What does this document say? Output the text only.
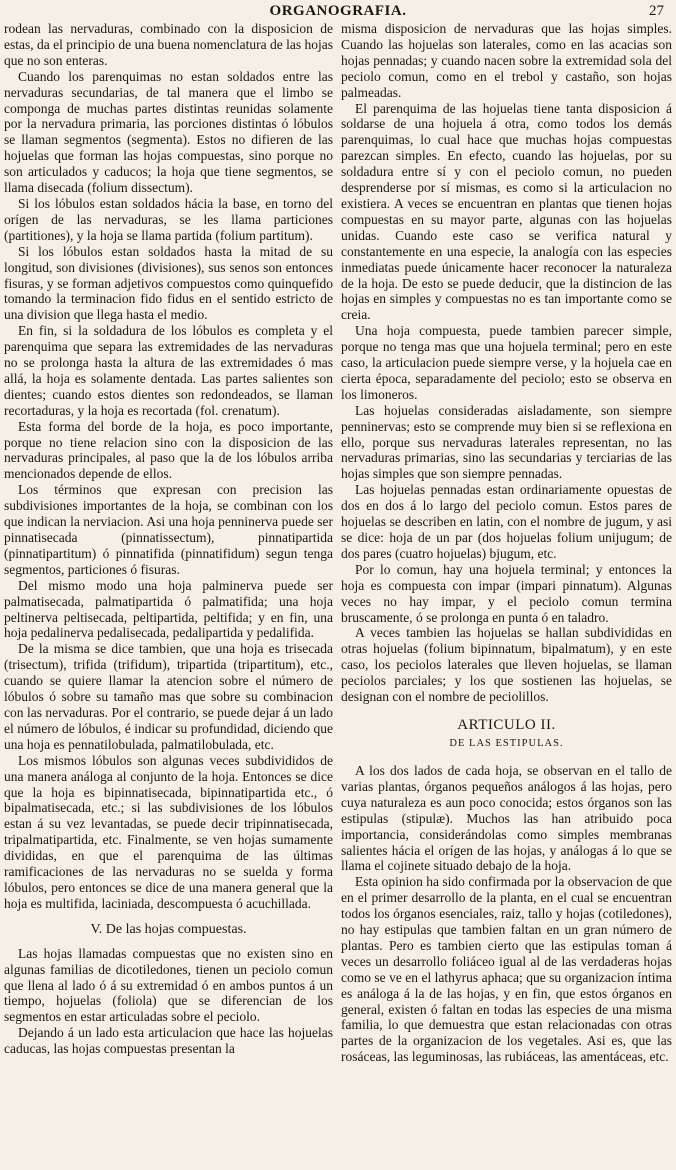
ORGANOGRAFIA.	27

rodean las nervaduras, combinado con la disposicion de estas, da el principio de una buena nomenclatura de las hojas que no son enteras.

Cuando los parenquimas no estan soldados entre las nervaduras secundarias, de tal manera que el limbo se componga de muchas partes distintas reunidas solamente por la nervadura primaria, las porciones distintas ó lóbulos se llaman segmentos (segmenta). Estos no difieren de las hojuelas que forman las hojas compuestas, sino porque no son articulados y caducos; la hoja que tiene segmentos, se llama disecada (folium dissectum).

Si los lóbulos estan soldados hácia la base, en torno del orígen de las nervaduras, se les llama particiones (partitiones), y la hoja se llama partida (folium partitum).

Si los lóbulos estan soldados hasta la mitad de su longitud, son divisiones (divisiones), sus senos son entonces fisuras, y se forman adjetivos compuestos como quinquefido tomando la terminacion fido fidus en el sentido estricto de una division que llega hasta el medio.

En fin, si la soldadura de los lóbulos es completa y el parenquima que separa las extremidades de las nervaduras no se prolonga hasta la altura de las extremidades ó mas allá, la hoja es solamente dentada. Las partes salientes son dientes; cuando estos dientes son redondeados, se llaman recortaduras, y la hoja es recortada (fol. crenatum).

Esta forma del borde de la hoja, es poco importante, porque no tiene relacion sino con la disposicion de las nervaduras principales, al paso que la de los lóbulos arriba mencionados depende de ellos.

Los términos que expresan con precision las subdivisiones importantes de la hoja, se combinan con los que indican la nerviacion. Asi una hoja penninerva puede ser pinnatisecada (pinnatissectum), pinnatipartida (pinnatipartitum) ó pinnatifida (pinnatifidum) segun tenga segmentos, particiones ó fisuras.

Del mismo modo una hoja palminerva puede ser palmatisecada, palmatipartida ó palmatifida; una hoja peltinerva peltisecada, peltipartida, peltifida; y en fin, una hoja pedalinerva pedalisecada, pedalipartida y pedalifida.

De la misma se dice tambien, que una hoja es trisecada (trisectum), trifida (trifidum), tripartida (tripartitum), etc., cuando se quiere llamar la atencion sobre el número de lóbulos ó sobre su tamaño mas que sobre su combinacion con las nervaduras. Por el contrario, se puede dejar á un lado el número de lóbulos, é indicar su profundidad, diciendo que una hoja es pennatilobulada, palmatilobulada, etc.

Los mismos lóbulos son algunas veces subdivididos de una manera análoga al conjunto de la hoja. Entonces se dice que la hoja es bipinnatisecada, bipinnatipartida etc., ó bipalmatisecada, etc.; si las subdivisiones de los lóbulos estan á su vez levantadas, se puede decir tripinnatisecada, tripalmatipartida, etc. Finalmente, se ven hojas sumamente divididas, en que el parenquima de las últimas ramificaciones de las nervaduras no se suelda y forma lóbulos, pero entonces se dice de una manera general que la hoja es multifida, laciniada, descompuesta ó acuchillada.

V. De las hojas compuestas.

Las hojas llamadas compuestas que no existen sino en algunas familias de dicotiledones, tienen un peciolo comun que llena al lado ó á su extremidad ó en ambos puntos á un tiempo, hojuelas (foliola) que se diferencian de los segmentos en estar articuladas sobre el peciolo.

Dejando á un lado esta articulacion que hace las hojuelas caducas, las hojas compuestas presentan la

misma disposicion de nervaduras que las hojas simples. Cuando las hojuelas son laterales, como en las acacias son hojas pennadas; y cuando nacen sobre la extremidad sola del peciolo comun, como en el trebol y castaño, son hojas palmeadas.

El parenquima de las hojuelas tiene tanta disposicion á soldarse de una hojuela á otra, como todos los demás parenquimas, lo cual hace que muchas hojas compuestas parezcan simples. En efecto, cuando las hojuelas, por su soldadura entre sí y con el peciolo comun, no pueden desprenderse por sí mismas, es como si la articulacion no existiera. A veces se encuentran en plantas que tienen hojas compuestas en su mayor parte, algunas con las hojuelas unidas. Cuando este caso se verifica natural y constantemente en una especie, la analogía con las especies inmediatas puede únicamente hacer reconocer la naturaleza de la hoja. De esto se puede deducir, que la distincion de las hojas en simples y compuestas no es tan importante como se creia.

Una hoja compuesta, puede tambien parecer simple, porque no tenga mas que una hojuela terminal; pero en este caso, la articulacion puede siempre verse, y la hojuela cae en cierta época, separadamente del peciolo; esto se observa en los limoneros.

Las hojuelas consideradas aisladamente, son siempre penninervas; esto se comprende muy bien si se reflexiona en ello, porque sus nervaduras laterales representan, no las nervaduras primarias, sino las secundarias y terciarias de las hojas simples que son siempre pennadas.

Las hojuelas pennadas estan ordinariamente opuestas de dos en dos á lo largo del peciolo comun. Estos pares de hojuelas se describen en latin, con el nombre de jugum, y asi se dice: hoja de un par (dos hojuelas folium unijugum; de dos pares (cuatro hojuelas) bjugum, etc.

Por lo comun, hay una hojuela terminal; y entonces la hoja es compuesta con impar (impari pinnatum). Algunas veces no hay impar, y el peciolo comun termina bruscamente, ó se prolonga en punta ó en taladro.

A veces tambien las hojuelas se hallan subdivididas en otras hojuelas (folium bipinnatum, bipalmatum), y en este caso, los peciolos laterales que lleven hojuelas, se llaman peciolos parciales; y los que sostienen las hojuelas, se designan con el nombre de peciolillos.

ARTICULO II.
DE LAS ESTIPULAS.

A los dos lados de cada hoja, se observan en el tallo de varias plantas, órganos pequeños análogos á las hojas, pero cuya naturaleza es aun poco conocida; estos órganos son las estipulas (stipulæ). Muchos las han atribuido poca importancia, considerándolas como simples membranas salientes hácia el orígen de las hojas, y análogas á lo que se llama el cojinete situado debajo de la hoja.

Esta opinion ha sido confirmada por la observacion de que en el primer desarrollo de la planta, en el cual se encuentran todos los órganos esenciales, raiz, tallo y hojas (cotiledones), no hay estipulas que tambien faltan en un gran número de plantas. Pero es tambien cierto que las estipulas toman á veces un desarrollo foliáceo igual al de las verdaderas hojas como se ve en el lathyrus aphaca; que su organizacion íntima es análoga á la de las hojas, y en fin, que estos órganos en general, existen ó faltan en todas las especies de una misma familia, lo que demuestra que estan relacionadas con otras partes de la organizacion de los vegetales. Asi es, que las rosáceas, las leguminosas, las rubiáceas, las amentáceas, etc.
